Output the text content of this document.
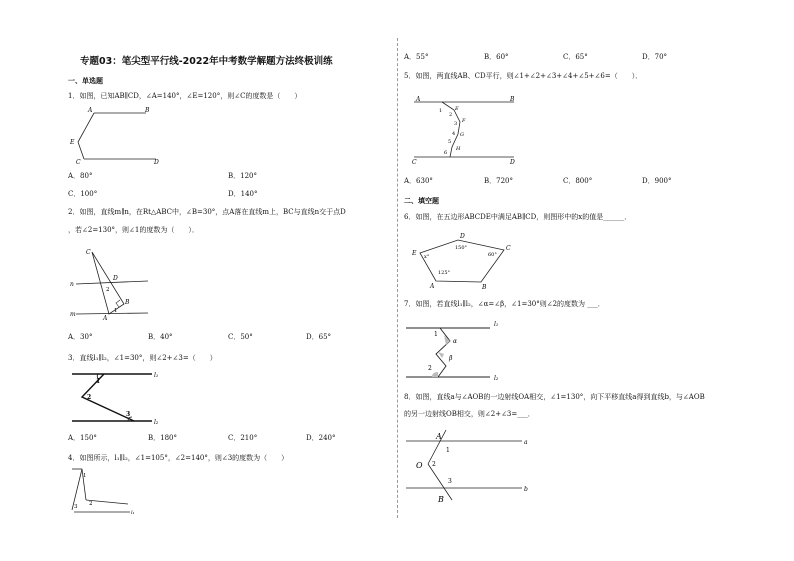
专题03：笔尖型平行线-2022年中考数学解题方法终极训练
一、单选题
1．如图，已知AB∥CD，∠A=140°，∠E=120°，则∠C的度数是（　　）
A	B
E
C	D
A．80°	B．120°
C．100°	D．140°
2．如图，直线m∥n，在Rt△ABC中，∠B=30°，点A落在直线m上，BC与直线n交于点D
，若∠2=130°，则∠1的度数为（　　）．
C
n
D
2
B
m
A
1
A．30°	B．40°	C．50°	D．65°
3．直线l₁∥l₂，∠1=30°，则∠2+∠3=（　　）
l₁
1
2
3
l₂
A．150°	B．180°	C．210°	D．240°
4．如图所示，l₁∥l₂，∠1=105°，∠2=140°，则∠3的度数为（　　）
1
2
3
l₁
A．55°	B．60°	C．65°	D．70°
5．如图，两直线AB、CD平行，则∠1+∠2+∠3+∠4+∠5+∠6=（　　）．
A	B
1	E
2
F
3
4 G
5
H
6
C	D
A．630°	B．720°	C．800°	D．900°
二、填空题
6．如图，在五边形ABCDE中满足AB∥CD，则图形中的x的值是______．
D
150°	C
E x°	60°
125°
A	B
7．如图，若直线l₁∥l₂，∠α=∠β，∠1=30°则∠2的度数为 ___．
l₁
1
α
β
2
l₂
8．如图，直线a与∠AOB的一边射线OA相交，∠1=130°，向下平移直线a得到直线b，与∠AOB
的另一边射线OB相交，则∠2+∠3=___．
A
a
1
O 2
3
B
b
